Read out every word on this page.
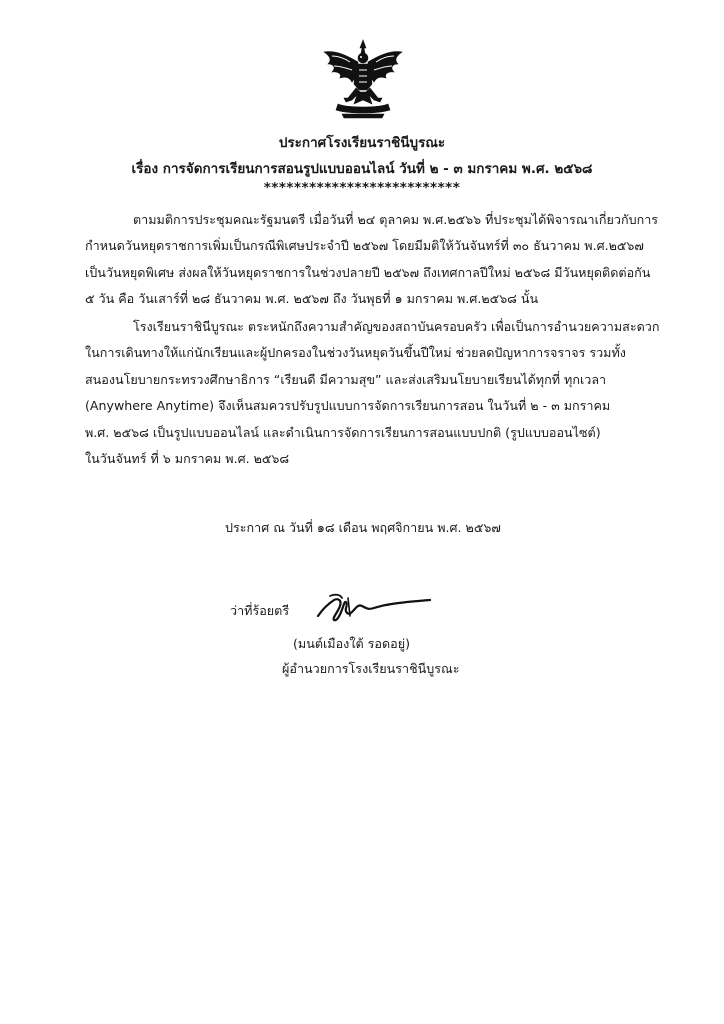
ประกาศโรงเรียนราชินีบูรณะ
เรื่อง การจัดการเรียนการสอนรูปแบบออนไลน์ วันที่ ๒ - ๓ มกราคม พ.ศ. ๒๕๖๘
**************************
ตามมติการประชุมคณะรัฐมนตรี เมื่อวันที่ ๒๔ ตุลาคม พ.ศ.๒๕๖๖ ที่ประชุมได้พิจารณาเกี่ยวกับการ
กำหนดวันหยุดราชการเพิ่มเป็นกรณีพิเศษประจำปี ๒๕๖๗ โดยมีมติให้วันจันทร์ที่ ๓๐ ธันวาคม พ.ศ.๒๕๖๗
เป็นวันหยุดพิเศษ ส่งผลให้วันหยุดราชการในช่วงปลายปี ๒๕๖๗ ถึงเทศกาลปีใหม่ ๒๕๖๘ มีวันหยุดติดต่อกัน
๕ วัน คือ วันเสาร์ที่ ๒๘ ธันวาคม พ.ศ. ๒๕๖๗ ถึง วันพุธที่ ๑ มกราคม พ.ศ.๒๕๖๘ นั้น
โรงเรียนราชินีบูรณะ ตระหนักถึงความสำคัญของสถาบันครอบครัว เพื่อเป็นการอำนวยความสะดวก
ในการเดินทางให้แก่นักเรียนและผู้ปกครองในช่วงวันหยุดวันขึ้นปีใหม่ ช่วยลดปัญหาการจราจร รวมทั้ง
สนองนโยบายกระทรวงศึกษาธิการ “เรียนดี มีความสุข” และส่งเสริมนโยบายเรียนได้ทุกที่ ทุกเวลา
(Anywhere Anytime) จึงเห็นสมควรปรับรูปแบบการจัดการเรียนการสอน ในวันที่ ๒ - ๓ มกราคม
พ.ศ. ๒๕๖๘ เป็นรูปแบบออนไลน์ และดำเนินการจัดการเรียนการสอนแบบปกติ (รูปแบบออนไซต์)
ในวันจันทร์ ที่ ๖ มกราคม พ.ศ. ๒๕๖๘
ประกาศ ณ วันที่ ๑๘ เดือน พฤศจิกายน พ.ศ. ๒๕๖๗
ว่าที่ร้อยตรี
(มนต์เมืองใต้ รอดอยู่)
ผู้อำนวยการโรงเรียนราชินีบูรณะ
